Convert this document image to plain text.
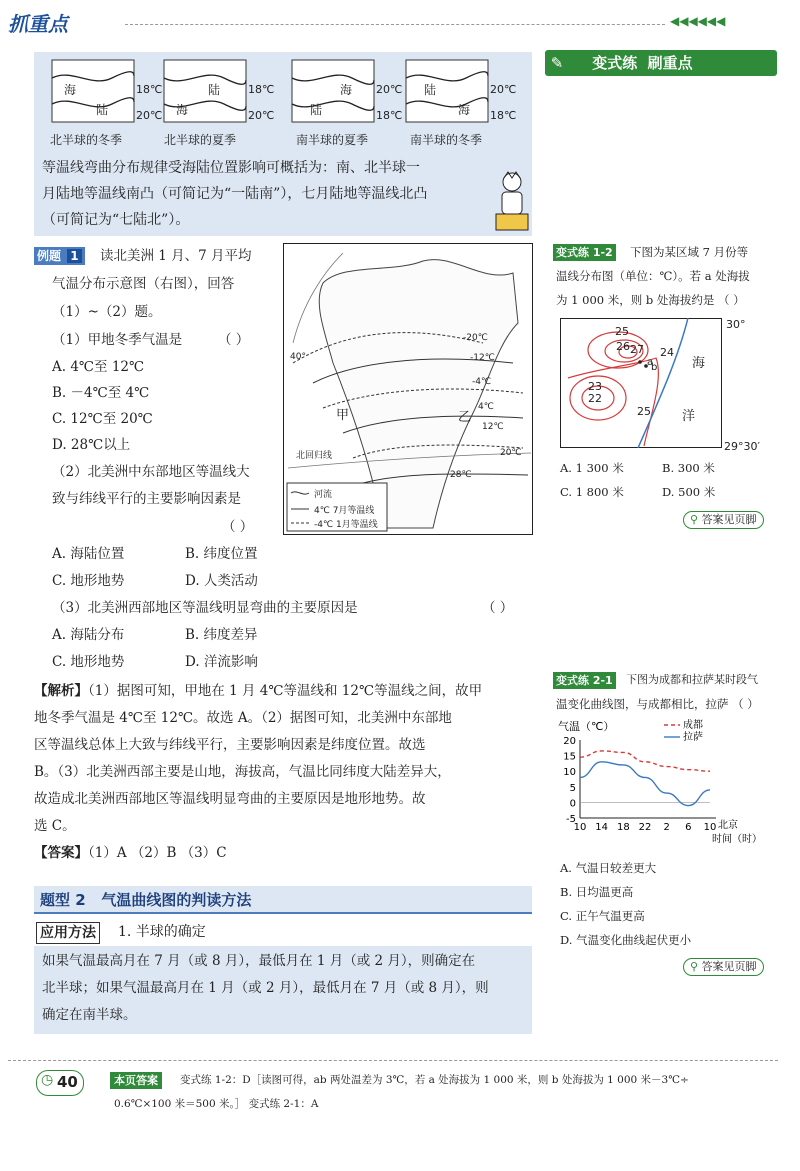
抓重点	◀◀◀◀◀◀
✎ 变式练  刷重点
海
陆
18℃
20℃ 海
陆	18℃
20℃
海
陆
20℃
18℃	海
陆	20℃
18℃
北半球的冬季	北半球的夏季	南半球的夏季	南半球的冬季
等温线弯曲分布规律受海陆位置影响可概括为：南、北半球一
月陆地等温线南凸（可简记为“一陆南”），七月陆地等温线北凸
（可简记为“七陆北”）。
例题 1	读北美洲 1 月、7 月平均
气温分布示意图（右图），回答
（1）~（2）题。
（1）甲地冬季气温是	（ ）
A. 4℃至 12℃
B. －4℃至 4℃
C. 12℃至 20℃
D. 28℃以上
（2）北美洲中东部地区等温线大
致与纬线平行的主要影响因素是
（ ）
A. 海陆位置	B. 纬度位置
C. 地形地势	D. 人类活动
（3）北美洲西部地区等温线明显弯曲的主要原因是	（ ）
A. 海陆分布	B. 纬度差异
C. 地形地势	D. 洋流影响
40°
-20℃
-12℃
-4℃
4℃
12℃
20℃
28℃
甲	乙
北回归线
河流
4℃ 7月等温线
-4℃ 1月等温线
【解析】（1）据图可知，甲地在 1 月 4℃等温线和 12℃等温线之间，故甲
地冬季气温是 4℃至 12℃。故选 A。（2）据图可知，北美洲中东部地
区等温线总体上大致与纬线平行，主要影响因素是纬度位置。故选
B。（3）北美洲西部主要是山地，海拔高，气温比同纬度大陆差异大，
故造成北美洲西部地区等温线明显弯曲的主要原因是地形地势。故
选 C。
【答案】（1）A （2）B （3）C
题型 2   气温曲线图的判读方法
应用方法 1. 半球的确定
如果气温最高月在 7 月（或 8 月），最低月在 1 月（或 2 月），则确定在
北半球；如果气温最高月在 1 月（或 2 月），最低月在 7 月（或 8 月），则
确定在南半球。
变式练 1-2 下图为某区域 7 月份等
温线分布图（单位：℃）。若 a 处海拔
为 1 000 米，则 b 处海拔约是 （ ）
25
26 27 24
23
22
25
a
b	海
洋
30°
29°30′
A. 1 300 米	B. 300 米
C. 1 800 米	D. 500 米
⚲ 答案见页脚
变式练 2-1 下图为成都和拉萨某时段气
温变化曲线图，与成都相比，拉萨 （ ）
气温（℃）
20
15
10
5
0
-5
10 14 18 22 2 6 10 北京
时间（时）
成都
拉萨
A. 气温日较差更大
B. 日均温更高
C. 正午气温更高
D. 气温变化曲线起伏更小
⚲ 答案见页脚
◷ 40	本页答案	变式练 1-2：D［读图可得，ab 两处温差为 3℃，若 a 处海拔为 1 000 米，则 b 处海拔为 1 000 米－3℃÷
0.6℃×100 米＝500 米。］ 变式练 2-1：A
